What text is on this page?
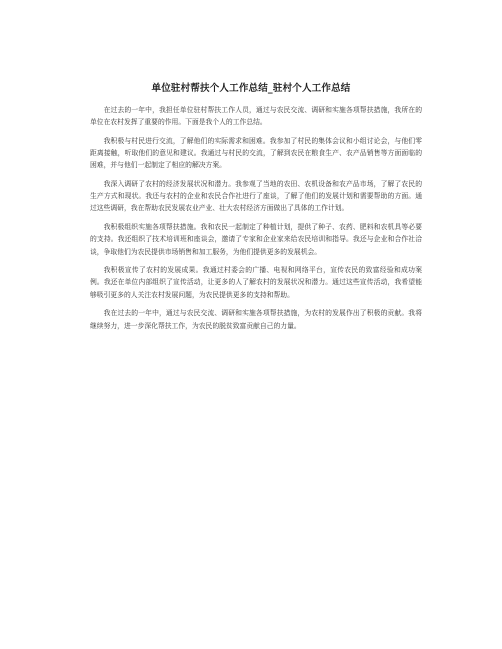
单位驻村帮扶个人工作总结_驻村个人工作总结

在过去的一年中，我担任单位驻村帮扶工作人员，通过与农民交流、调研和实施各项帮扶措施，我所在的单位在农村发挥了重要的作用。下面是我个人的工作总结。

我积极与村民进行交流，了解他们的实际需求和困难。我参加了村民的集体会议和小组讨论会，与他们零距离接触，听取他们的意见和建议。我通过与村民的交流，了解到农民在粮食生产、农产品销售等方面面临的困难，并与他们一起制定了相应的解决方案。

我深入调研了农村的经济发展状况和潜力。我参观了当地的农田、农机设备和农产品市场，了解了农民的生产方式和现状。我还与农村的企业和农民合作社进行了座谈，了解了他们的发展计划和需要帮助的方面。通过这些调研，我在帮助农民发展农业产业、壮大农村经济方面做出了具体的工作计划。

我积极组织实施各项帮扶措施。我和农民一起制定了种植计划，提供了种子、农药、肥料和农机具等必要的支持。我还组织了技术培训班和座谈会，邀请了专家和企业家来给农民培训和指导。我还与企业和合作社洽谈，争取他们为农民提供市场销售和加工服务，为他们提供更多的发展机会。

我积极宣传了农村的发展成果。我通过村委会的广播、电视和网络平台，宣传农民的致富经验和成功案例。我还在单位内部组织了宣传活动，让更多的人了解农村的发展状况和潜力。通过这些宣传活动，我希望能够吸引更多的人关注农村发展问题，为农民提供更多的支持和帮助。

我在过去的一年中，通过与农民交流、调研和实施各项帮扶措施，为农村的发展作出了积极的贡献。我将继续努力，进一步深化帮扶工作，为农民的脱贫致富贡献自己的力量。
